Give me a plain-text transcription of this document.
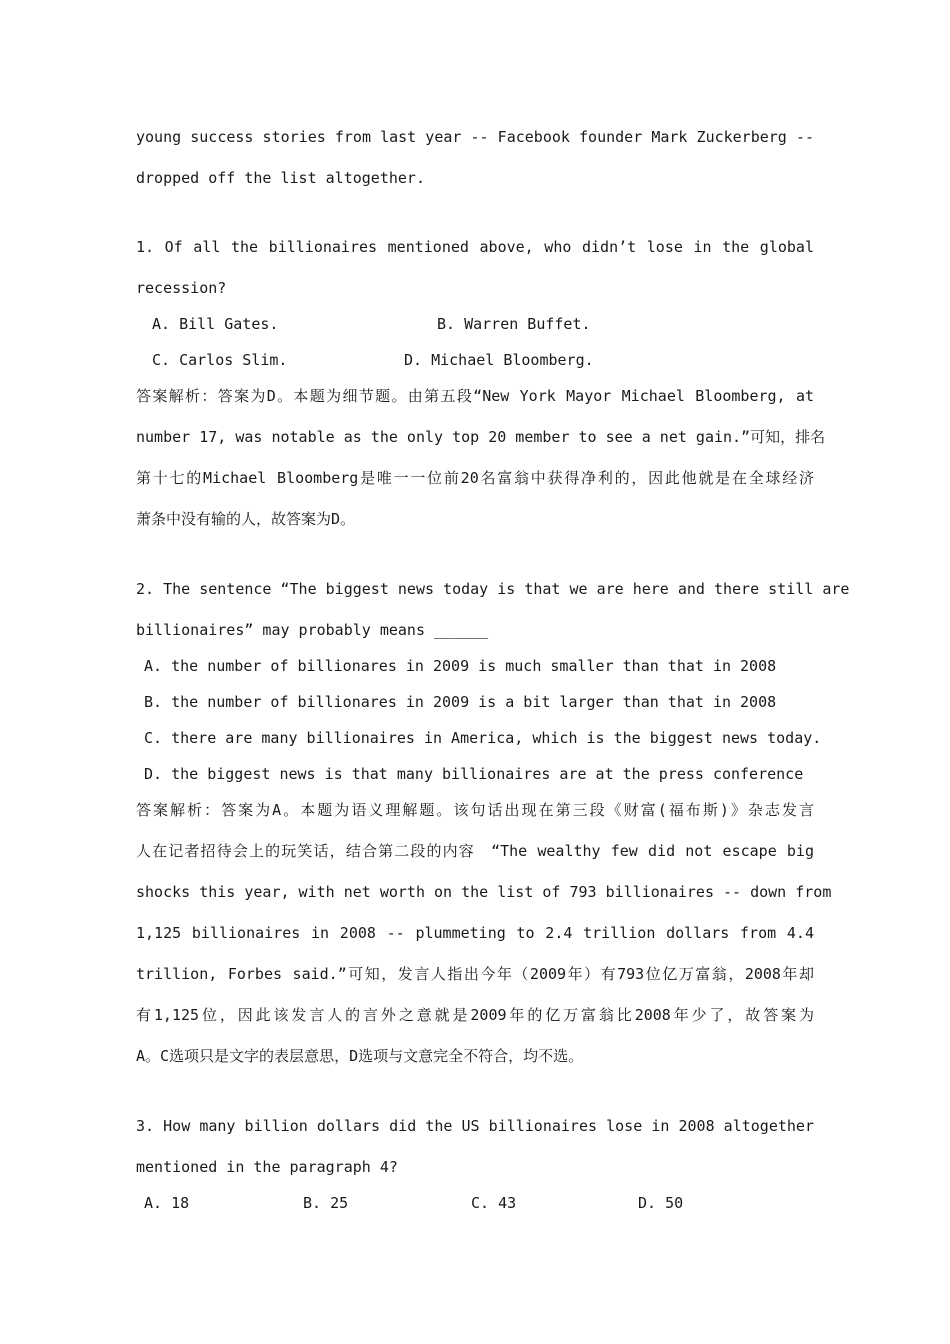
young success stories from last year -- Facebook founder Mark Zuckerberg --
dropped off the list altogether.
1. Of all the billionaires mentioned above, who didn’t lose in the global
recession?
A. Bill Gates.	B. Warren Buffet.
C. Carlos Slim.	D. Michael Bloomberg.
答案解析：答案为D。本题为细节题。由第五段“New York Mayor Michael Bloomberg, at
number 17, was notable as the only top 20 member to see a net gain.”可知，排名
第十七的Michael Bloomberg是唯一一位前20名富翁中获得净利的，因此他就是在全球经济
萧条中没有输的人，故答案为D。
2. The sentence “The biggest news today is that we are here and there still are
billionaires” may probably means ______
A. the number of billionares in 2009 is much smaller than that in 2008
B. the number of billionares in 2009 is a bit larger than that in 2008
C. there are many billionaires in America, which is the biggest news today.
D. the biggest news is that many billionaires are at the press conference
答案解析：答案为A。本题为语义理解题。该句话出现在第三段《财富(福布斯)》杂志发言
人在记者招待会上的玩笑话，结合第二段的内容　“The wealthy few did not escape big
shocks this year, with net worth on the list of 793 billionaires -- down from
1,125 billionaires in 2008 -- plummeting to 2.4 trillion dollars from 4.4
trillion, Forbes said.”可知，发言人指出今年（2009年）有793位亿万富翁，2008年却
有1,125位，因此该发言人的言外之意就是2009年的亿万富翁比2008年少了，故答案为
A。C选项只是文字的表层意思，D选项与文意完全不符合，均不选。
3. How many billion dollars did the US billionaires lose in 2008 altogether
mentioned in the paragraph 4?
A. 18	B. 25	C. 43	D. 50
